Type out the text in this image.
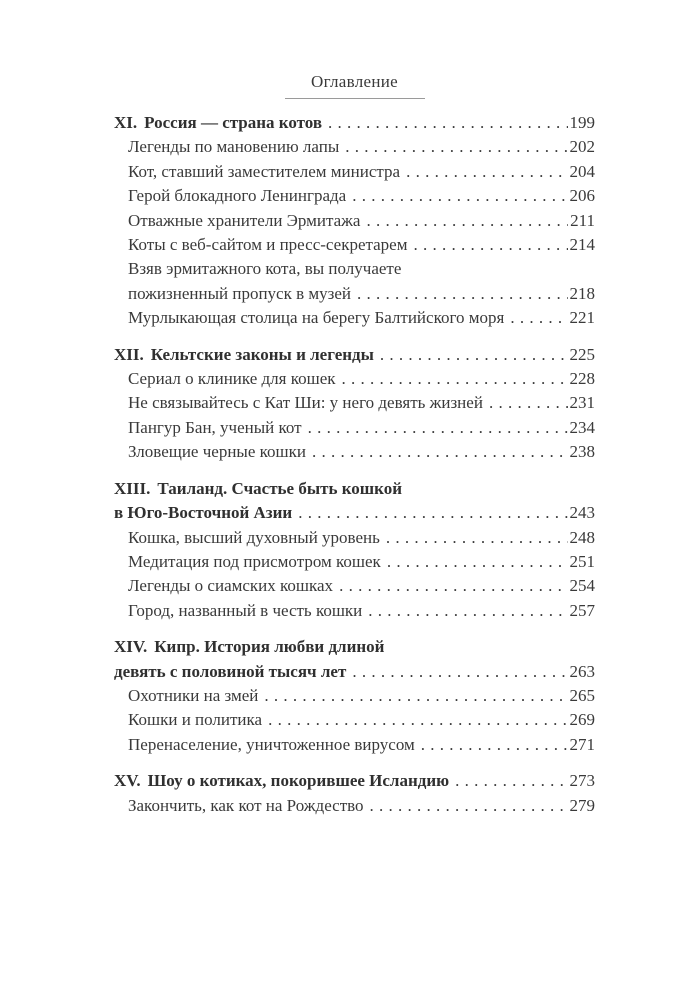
Оглавление
XI. Россия — страна котов . . .	199
Легенды по мановению лапы . . .	202
Кот, ставший заместителем министра . . .	204
Герой блокадного Ленинграда . . .	206
Отважные хранители Эрмитажа . . .	211
Коты с веб-сайтом и пресс-секретарем . . .	214
Взяв эрмитажного кота, вы получаете
пожизненный пропуск в музей . . .	218
Мурлыкающая столица на берегу Балтийского моря . . .	221
XII. Кельтские законы и легенды . . .	225
Сериал о клинике для кошек . . .	228
Не связывайтесь с Кат Ши: у него девять жизней . . .	231
Пангур Бан, ученый кот . . .	234
Зловещие черные кошки . . .	238
XIII. Таиланд. Счастье быть кошкой
в Юго-Восточной Азии . . .	243
Кошка, высший духовный уровень . . .	248
Медитация под присмотром кошек . . .	251
Легенды о сиамских кошках . . .	254
Город, названный в честь кошки . . .	257
XIV. Кипр. История любви длиной
девять с половиной тысяч лет . . .	263
Охотники на змей . . .	265
Кошки и политика . . .	269
Перенаселение, уничтоженное вирусом . . .	271
XV. Шоу о котиках, покорившее Исландию . . .	273
Закончить, как кот на Рождество . . .	279
